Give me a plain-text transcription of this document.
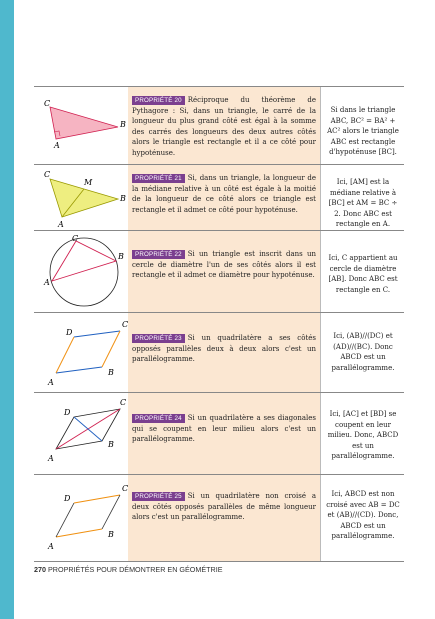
C
B
A
PROPRIÉTÉ 20 Réciproque du théorème de Pythagore : Si, dans un triangle, le carré de la longueur du plus grand côté est égal à la somme des carrés des longueurs des deux autres côtés alors le triangle est rectangle et il a ce côté pour hypoténuse.
Si dans le triangle ABC, BC² = BA² + AC² alors le triangle ABC est rectangle d'hypoténuse [BC].
C
M
B
A
PROPRIÉTÉ 21 Si, dans un triangle, la longueur de la médiane relative à un côté est égale à la moitié de la longueur de ce côté alors ce triangle est rectangle et il admet ce côté pour hypoténuse.
Ici, [AM] est la médiane relative à [BC] et AM = BC ÷ 2. Donc ABC est rectangle en A.
C
B
A
PROPRIÉTÉ 22 Si un triangle est inscrit dans un cercle de diamètre l'un de ses côtés alors il est rectangle et il admet ce diamètre pour hypoténuse.
Ici, C appartient au cercle de diamètre [AB]. Donc ABC est rectangle en C.
C
D
B
A
PROPRIÉTÉ 23 Si un quadrilatère a ses côtés opposés parallèles deux à deux alors c'est un parallélogramme.
Ici, (AB)//(DC) et (AD)//(BC). Donc ABCD est un parallélogramme.
C
D
B
A
PROPRIÉTÉ 24 Si un quadrilatère a ses diagonales qui se coupent en leur milieu alors c'est un parallélogramme.
Ici, [AC] et [BD] se coupent en leur milieu. Donc, ABCD est un parallélogramme.
C
D
B
A
PROPRIÉTÉ 25 Si un quadrilatère non croisé a deux côtés opposés parallèles de même longueur alors c'est un parallélogramme.
Ici, ABCD est non croisé avec AB = DC et (AB)//(CD). Donc, ABCD est un parallélogramme.
270 PROPRIÉTÉS POUR DÉMONTRER EN GÉOMÉTRIE
